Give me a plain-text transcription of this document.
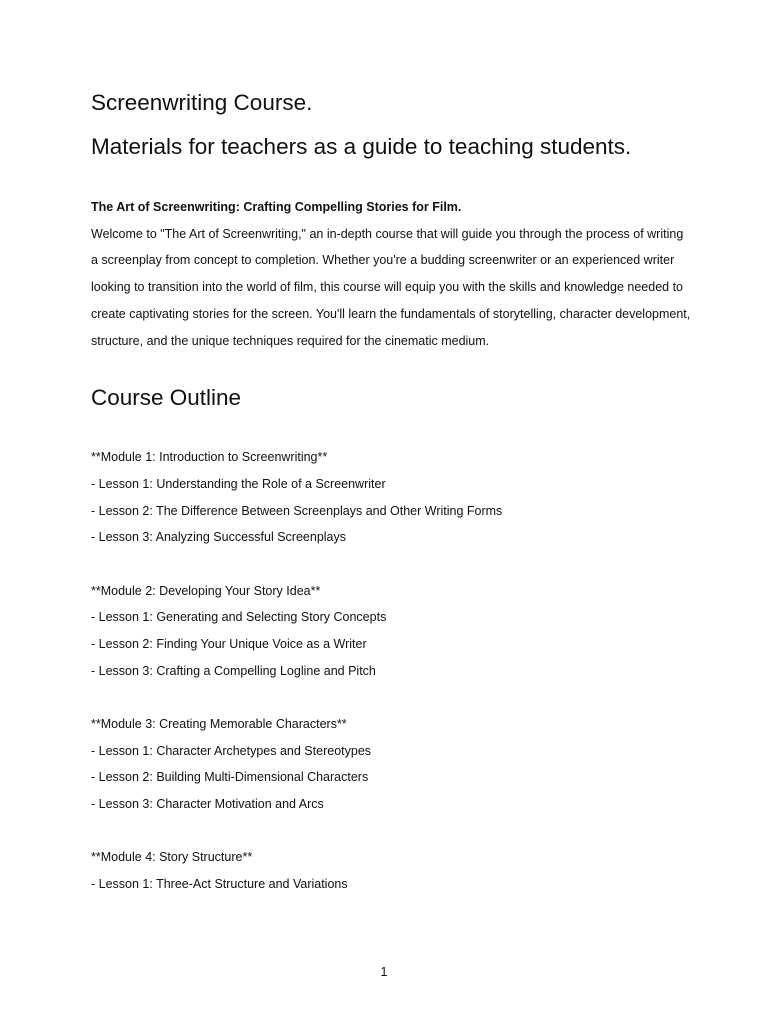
Screenwriting Course.
Materials for teachers as a guide to teaching students.

The Art of Screenwriting: Crafting Compelling Stories for Film.

Welcome to "The Art of Screenwriting," an in-depth course that will guide you through the process of writing a screenplay from concept to completion. Whether you're a budding screenwriter or an experienced writer looking to transition into the world of film, this course will equip you with the skills and knowledge needed to create captivating stories for the screen. You'll learn the fundamentals of storytelling, character development, structure, and the unique techniques required for the cinematic medium.

Course Outline

**Module 1: Introduction to Screenwriting**

- Lesson 1: Understanding the Role of a Screenwriter

- Lesson 2: The Difference Between Screenplays and Other Writing Forms

- Lesson 3: Analyzing Successful Screenplays

**Module 2: Developing Your Story Idea**

- Lesson 1: Generating and Selecting Story Concepts

- Lesson 2: Finding Your Unique Voice as a Writer

- Lesson 3: Crafting a Compelling Logline and Pitch

**Module 3: Creating Memorable Characters**

- Lesson 1: Character Archetypes and Stereotypes

- Lesson 2: Building Multi-Dimensional Characters

- Lesson 3: Character Motivation and Arcs

**Module 4: Story Structure**

- Lesson 1: Three-Act Structure and Variations

1
